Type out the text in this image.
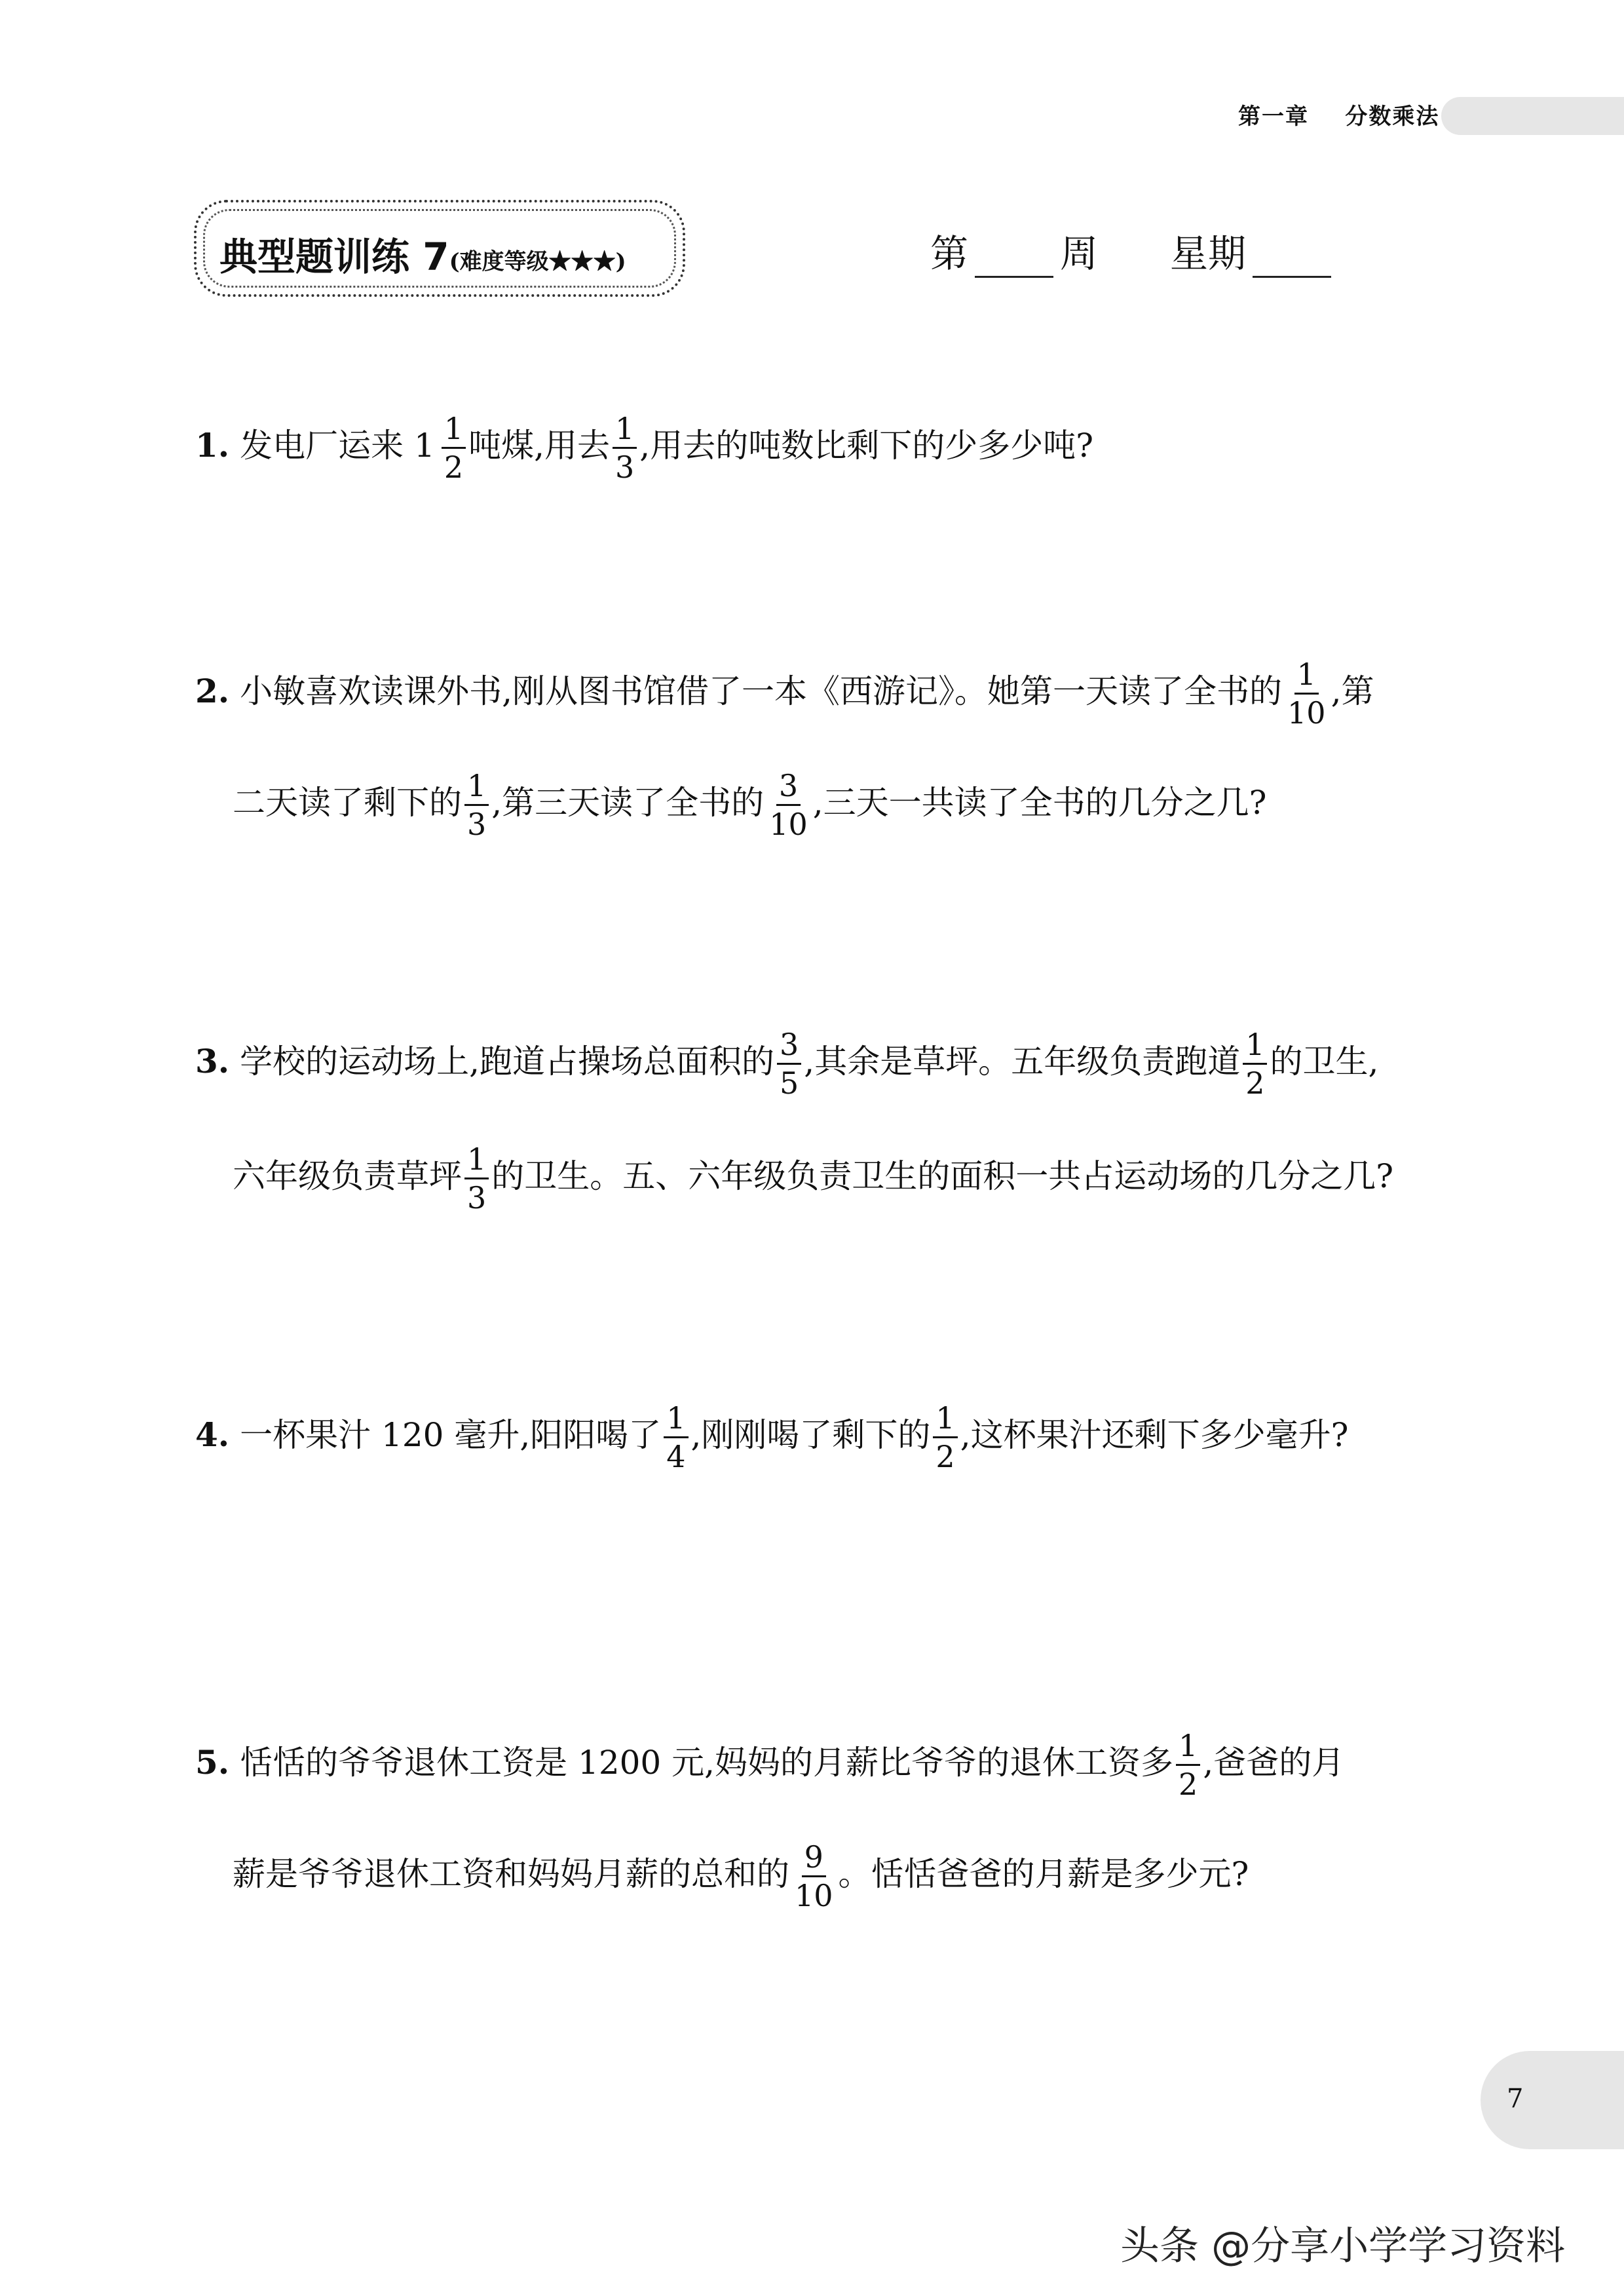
第一章    分数乘法
典型题训练 7(难度等级★★★)	第 周 星期
1. 发电厂运来 $1 \frac{1}{2}$ 吨煤,用去 $\frac{1}{3}$ ,用去的吨数比剩下的少多少吨?
2. 小敏喜欢读课外书,刚从图书馆借了一本《西游记》。她第一天读了全书的 $\frac{1}{10}$ ,第
二天读了剩下的 $\frac{1}{3}$ ,第三天读了全书的 $\frac{3}{10}$ ,三天一共读了全书的几分之几?
3. 学校的运动场上,跑道占操场总面积的 $\frac{3}{5}$ ,其余是草坪。五年级负责跑道 $\frac{1}{2}$ 的卫生,
六年级负责草坪 $\frac{1}{3}$ 的卫生。五、六年级负责卫生的面积一共占运动场的几分之几?
4. 一杯果汁 120 毫升,阳阳喝了 $\frac{1}{4}$ ,刚刚喝了剩下的 $\frac{1}{2}$ ,这杯果汁还剩下多少毫升?
5. 恬恬的爷爷退休工资是 1200 元,妈妈的月薪比爷爷的退休工资多 $\frac{1}{2}$ ,爸爸的月
薪是爷爷退休工资和妈妈月薪的总和的 $\frac{9}{10}$ 。恬恬爸爸的月薪是多少元?
7
头条 @分享小学学习资料
